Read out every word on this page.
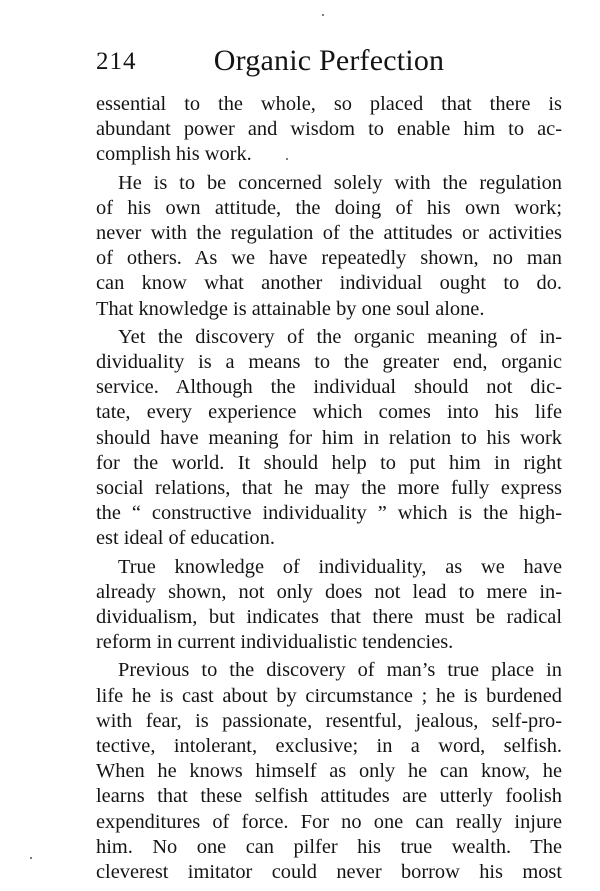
214	Organic Perfection

essential to the whole, so placed that there is
abundant power and wisdom to enable him to ac-
complish his work.

He is to be concerned solely with the regulation
of his own attitude, the doing of his own work;
never with the regulation of the attitudes or activities
of others. As we have repeatedly shown, no man
can know what another individual ought to do.
That knowledge is attainable by one soul alone.

Yet the discovery of the organic meaning of in-
dividuality is a means to the greater end, organic
service. Although the individual should not dic-
tate, every experience which comes into his life
should have meaning for him in relation to his work
for the world. It should help to put him in right
social relations, that he may the more fully express
the “ constructive individuality ” which is the high-
est ideal of education.

True knowledge of individuality, as we have
already shown, not only does not lead to mere in-
dividualism, but indicates that there must be radical
reform in current individualistic tendencies.

Previous to the discovery of man’s true place in
life he is cast about by circumstance ; he is burdened
with fear, is passionate, resentful, jealous, self-pro-
tective, intolerant, exclusive; in a word, selfish.
When he knows himself as only he can know, he
learns that these selfish attitudes are utterly foolish
expenditures of force. For no one can really injure
him. No one can pilfer his true wealth. The
cleverest imitator could never borrow his most
